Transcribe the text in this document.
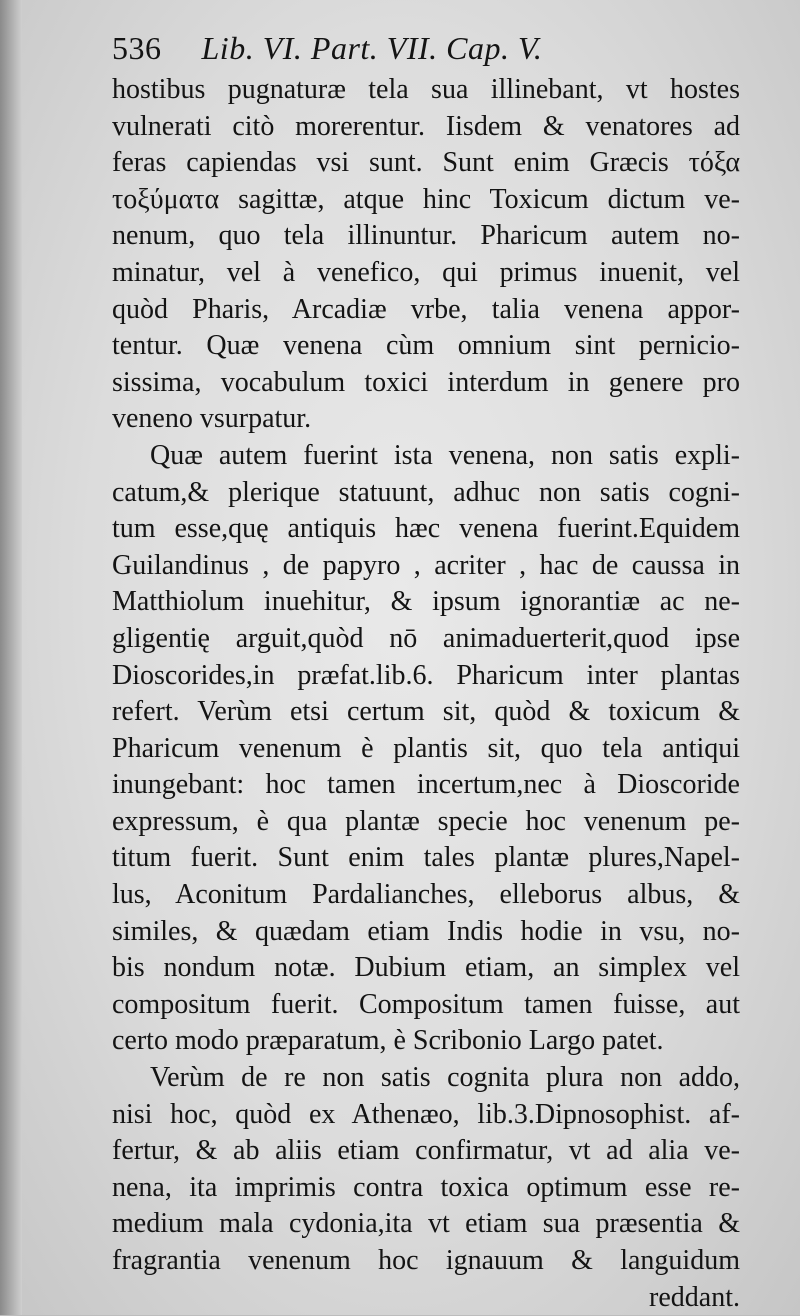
536 Lib. VI. Part. VII. Cap. V.
hostibus pugnaturæ tela sua illinebant, vt hostes
vulnerati citò morerentur. Iisdem & venatores ad
feras capiendas vsi sunt. Sunt enim Græcis τόξα
τοξύματα sagittæ, atque hinc Toxicum dictum ve-
nenum, quo tela illinuntur. Pharicum autem no-
minatur, vel à venefico, qui primus inuenit, vel
quòd Pharis, Arcadiæ vrbe, talia venena appor-
tentur. Quæ venena cùm omnium sint pernicio-
sissima, vocabulum toxici interdum in genere pro
veneno vsurpatur.
Quæ autem fuerint ista venena, non satis expli-
catum,& plerique statuunt, adhuc non satis cogni-
tum esse,quę antiquis hæc venena fuerint.Equidem
Guilandinus , de papyro , acriter , hac de caussa in
Matthiolum inuehitur, & ipsum ignorantiæ ac ne-
gligentię arguit,quòd nō animaduerterit,quod ipse
Dioscorides,in præfat.lib.6. Pharicum inter plantas
refert. Verùm etsi certum sit, quòd & toxicum &
Pharicum venenum è plantis sit, quo tela antiqui
inungebant: hoc tamen incertum,nec à Dioscoride
expressum, è qua plantæ specie hoc venenum pe-
titum fuerit. Sunt enim tales plantæ plures,Napel-
lus, Aconitum Pardalianches, elleborus albus, &
similes, & quædam etiam Indis hodie in vsu, no-
bis nondum notæ. Dubium etiam, an simplex vel
compositum fuerit. Compositum tamen fuisse, aut
certo modo præparatum, è Scribonio Largo patet.
Verùm de re non satis cognita plura non addo,
nisi hoc, quòd ex Athenæo, lib.3.Dipnosophist. af-
fertur, & ab aliis etiam confirmatur, vt ad alia ve-
nena, ita imprimis contra toxica optimum esse re-
medium mala cydonia,ita vt etiam sua præsentia &
fragrantia venenum hoc ignauum & languidum
reddant.
